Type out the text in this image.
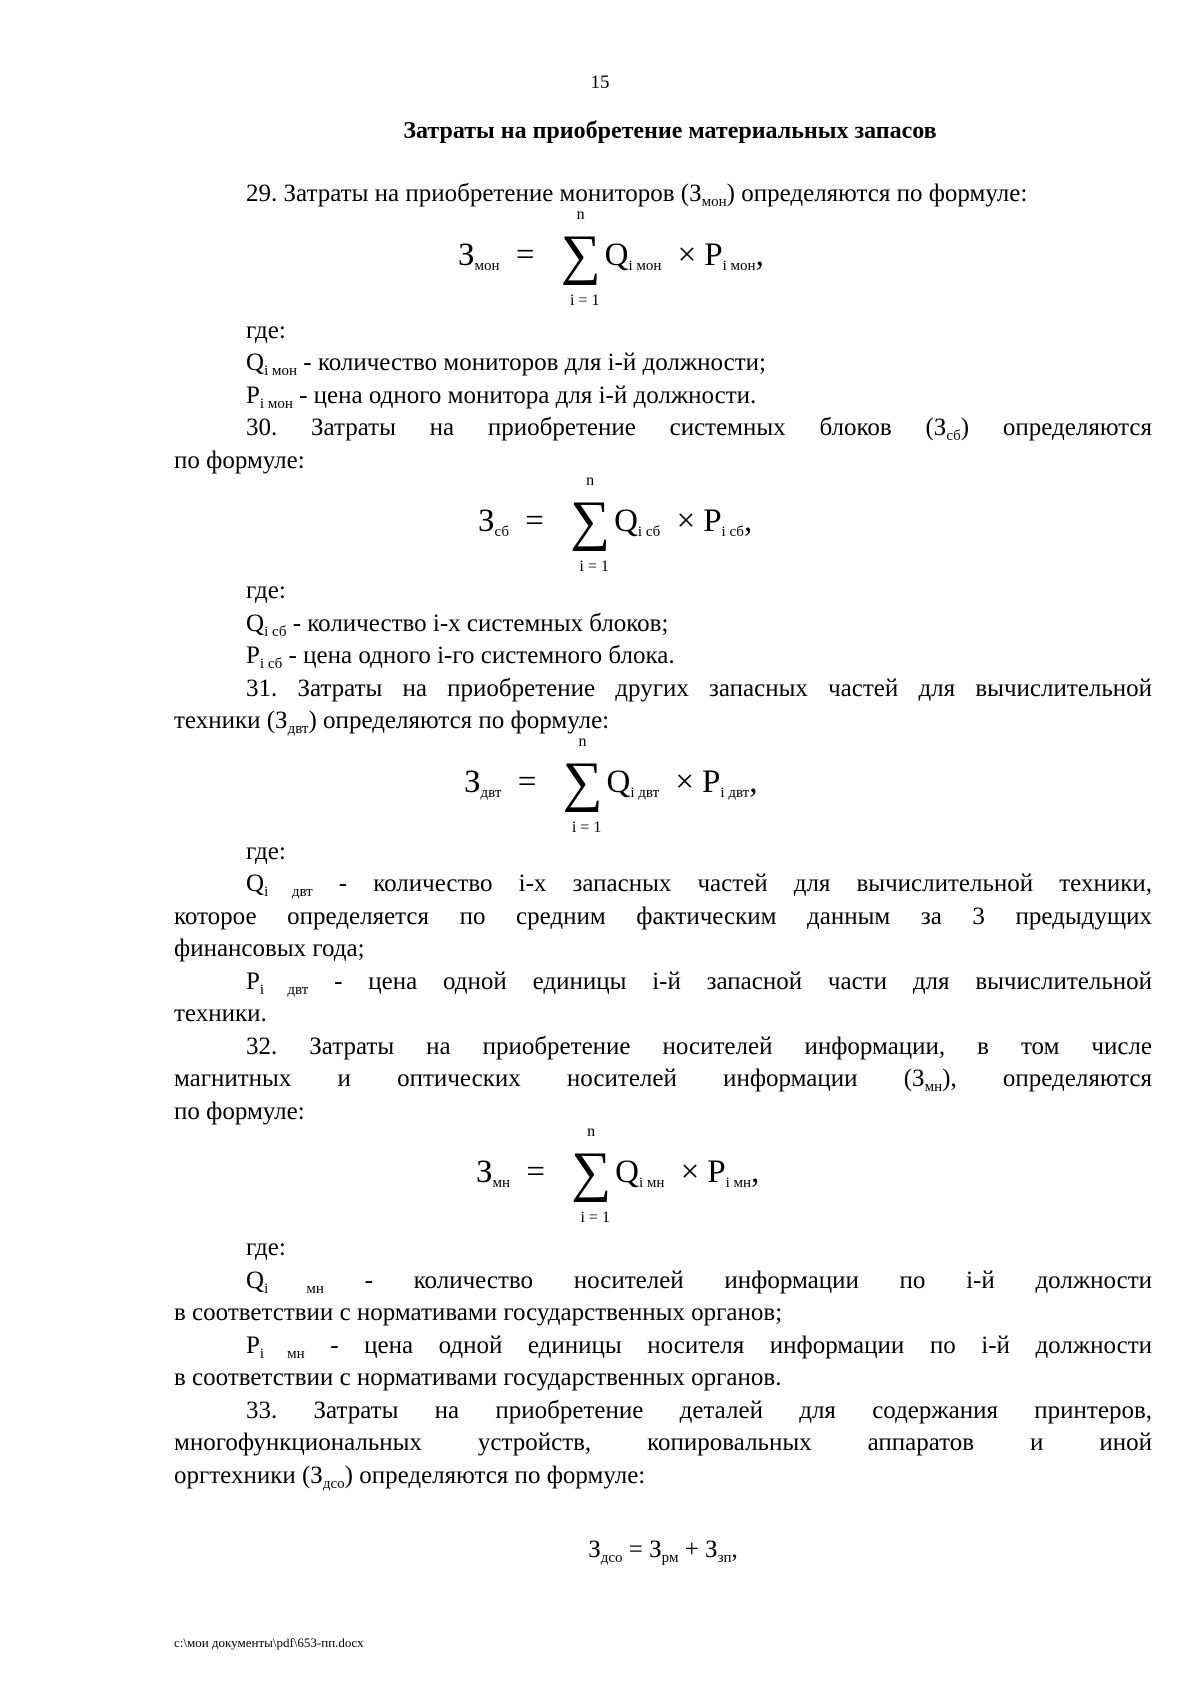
15
Затраты на приобретение материальных запасов

29. Затраты на приобретение мониторов $(З_{мон})$ определяются по формуле:

$З_{мон}$ = ∑
n
i = 1
$Q_{i мон} \times P_{i мон}$,

где:

$Q_{i мон}$ - количество мониторов для i-й должности;

$P_{i мон}$ - цена одного монитора для i-й должности.

30. Затраты на приобретение системных блоков $(З_{сб})$ определяются

по формуле:

$З_{сб}$ = ∑
n
i = 1
$Q_{i сб} \times P_{i сб}$,

где:

$Q_{i сб}$ - количество i-х системных блоков;

$P_{i сб}$ - цена одного i-го системного блока.

31. Затраты на приобретение других запасных частей для вычислительной

техники $(З_{двт})$ определяются по формуле:

$З_{двт}$ = ∑
n
i = 1
$Q_{i двт} \times P_{i двт}$,

где:

$Q_{i двт}$ - количество i-х запасных частей для вычислительной техники,

которое определяется по средним фактическим данным за 3 предыдущих

финансовых года;

$P_{i двт}$ - цена одной единицы i-й запасной части для вычислительной

техники.

32. Затраты на приобретение носителей информации, в том числе

магнитных и оптических носителей информации $(З_{мн})$, определяются

по формуле:

$З_{мн}$ = ∑
n
i = 1
$Q_{i мн} \times P_{i мн}$,

где:

$Q_{i мн}$ - количество носителей информации по i-й должности

в соответствии с нормативами государственных органов;

$P_{i мн}$ - цена одной единицы носителя информации по i-й должности

в соответствии с нормативами государственных органов.

33. Затраты на приобретение деталей для содержания принтеров,

многофункциональных устройств, копировальных аппаратов и иной

оргтехники $(З_{дсо})$ определяются по формуле:

$З_{дсо} = З_{рм} + З_{зп}$,
c:\мои документы\pdf\653-пп.docx
